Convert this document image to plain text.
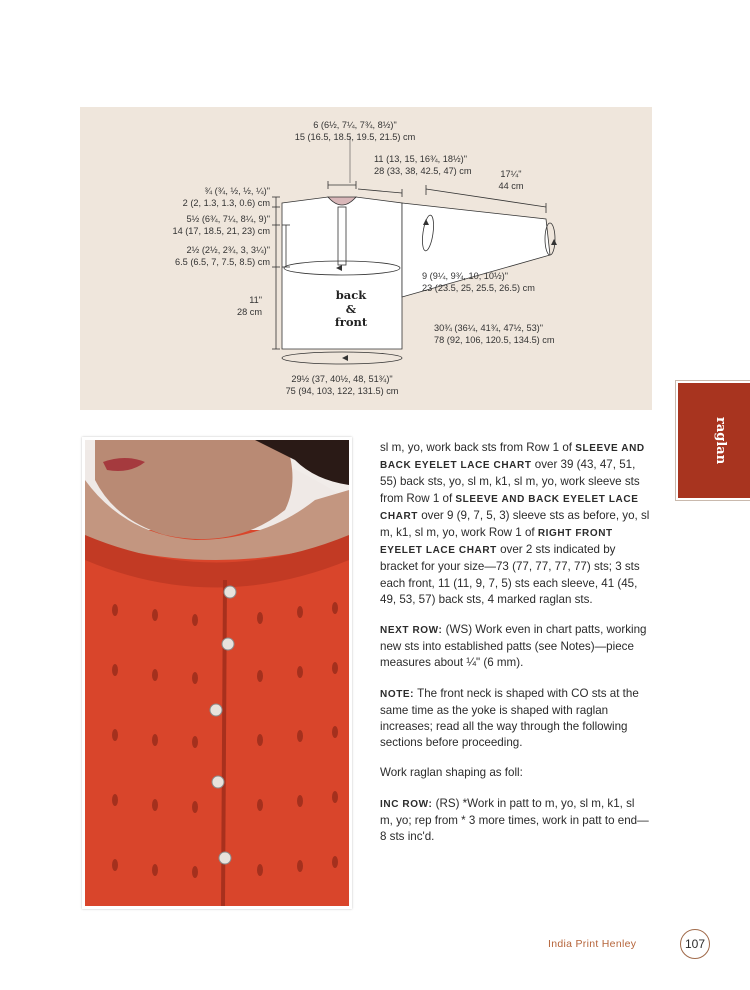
6 (6½, 7¼, 7¾, 8½)"
15 (16.5, 18.5, 19.5, 21.5) cm
11 (13, 15, 16¾, 18½)"
28 (33, 38, 42.5, 47) cm	17¼"
44 cm
¾ (¾, ½, ½, ¼)"
2 (2, 1.3, 1.3, 0.6) cm
5½ (6¾, 7¼, 8¼, 9)"
14 (17, 18.5, 21, 23) cm
2½ (2½, 2¾, 3, 3¼)"
6.5 (6.5, 7, 7.5, 8.5) cm
11"
28 cm
9 (9¼, 9¾, 10, 10½)"
23 (23.5, 25, 25.5, 26.5) cm
30¾ (36¼, 41¾, 47½, 53)"
78 (92, 106, 120.5, 134.5) cm
29½ (37, 40½, 48, 51¾)"
75 (94, 103, 122, 131.5) cm
back
&
front

sl m, yo, work back sts from Row 1 of SLEEVE AND BACK EYELET LACE CHART over 39 (43, 47, 51, 55) back sts, yo, sl m, k1, sl m, yo, work sleeve sts from Row 1 of SLEEVE AND BACK EYELET LACE CHART over 9 (9, 7, 5, 3) sleeve sts as before, yo, sl m, k1, sl m, yo, work Row 1 of RIGHT FRONT EYELET LACE CHART over 2 sts indicated by bracket for your size—73 (77, 77, 77, 77) sts; 3 sts each front, 11 (11, 9, 7, 5) sts each sleeve, 41 (45, 49, 53, 57) back sts, 4 marked raglan sts.

NEXT ROW: (WS) Work even in chart patts, working new sts into established patts (see Notes)—piece measures about ¼" (6 mm).

NOTE: The front neck is shaped with CO sts at the same time as the yoke is shaped with raglan increases; read all the way through the following sections before proceeding.

Work raglan shaping as foll:

INC ROW: (RS) *Work in patt to m, yo, sl m, k1, sl m, yo; rep from * 3 more times, work in patt to end—8 sts inc'd.

raglan
India Print Henley	107
